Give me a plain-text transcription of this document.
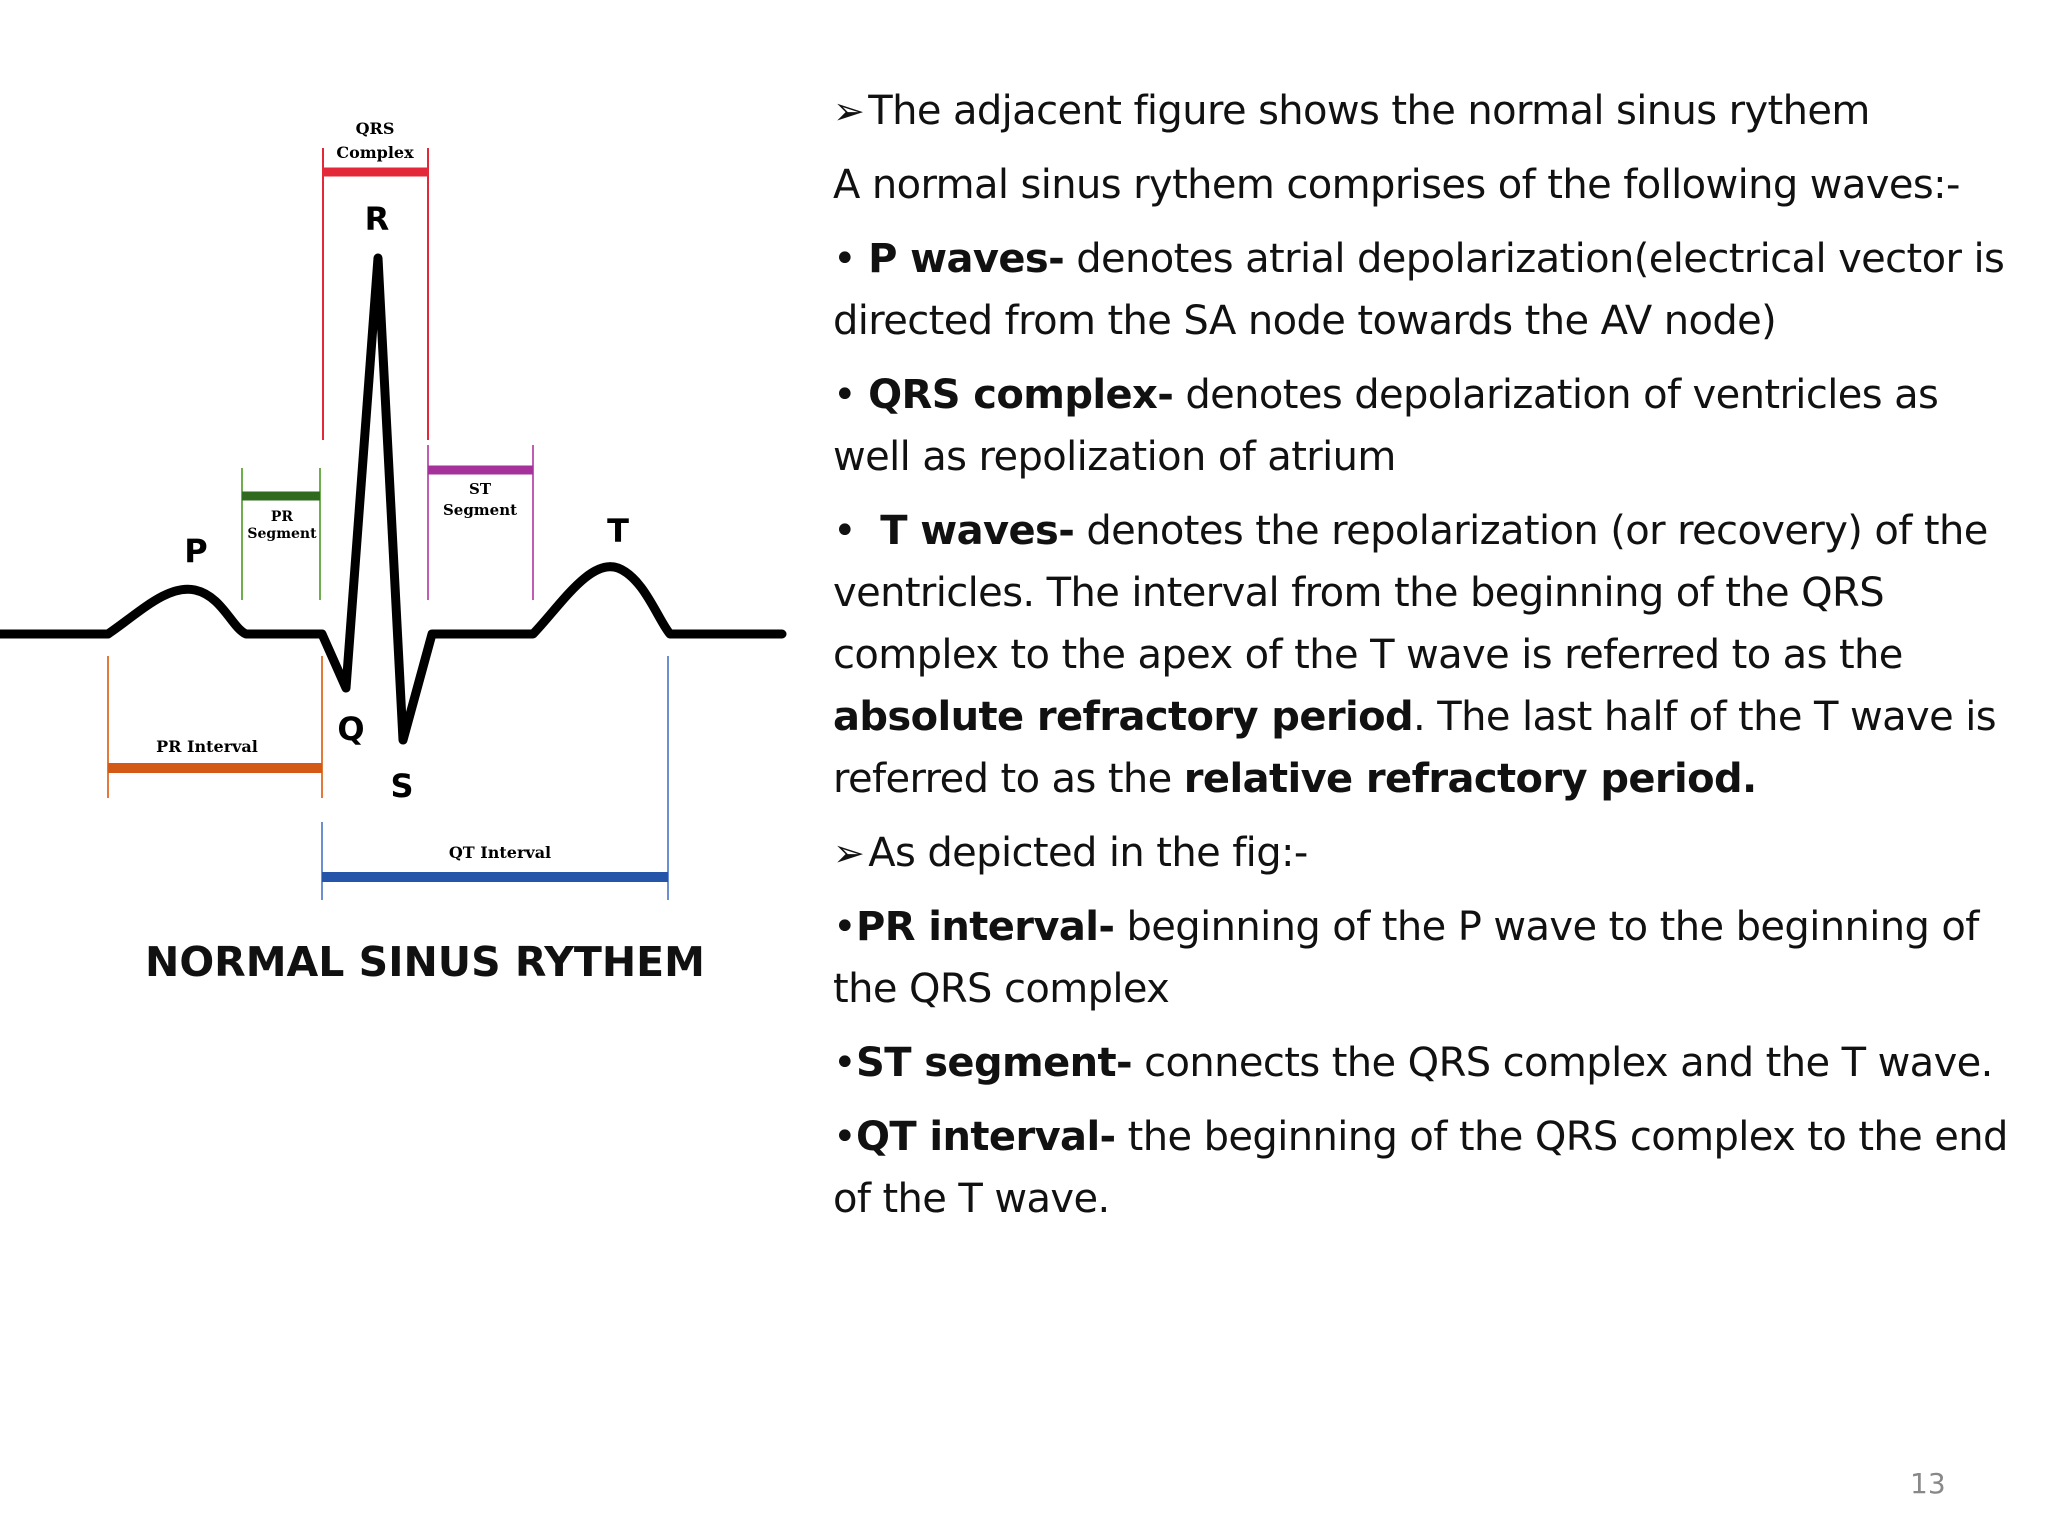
QRS
Complex
PR
Segment
ST
Segment
PR Interval
QT Interval
P
Q
R
S
T
NORMAL SINUS RYTHEM

➢ The adjacent figure shows the normal sinus rythem

A normal sinus rythem comprises of the following waves:-

• P waves- denotes atrial depolarization(electrical vector is directed from the SA node towards the AV node)

• QRS complex- denotes depolarization of ventricles as well as repolization of atrium

•  T waves- denotes the repolarization (or recovery) of the ventricles. The interval from the beginning of the QRS complex to the apex of the T wave is referred to as the absolute refractory period. The last half of the T wave is referred to as the relative refractory period.

➢ As depicted in the fig:-

•PR interval- beginning of the P wave to the beginning of the QRS complex

•ST segment- connects the QRS complex and the T wave.

•QT interval- the beginning of the QRS complex to the end of the T wave.

13
